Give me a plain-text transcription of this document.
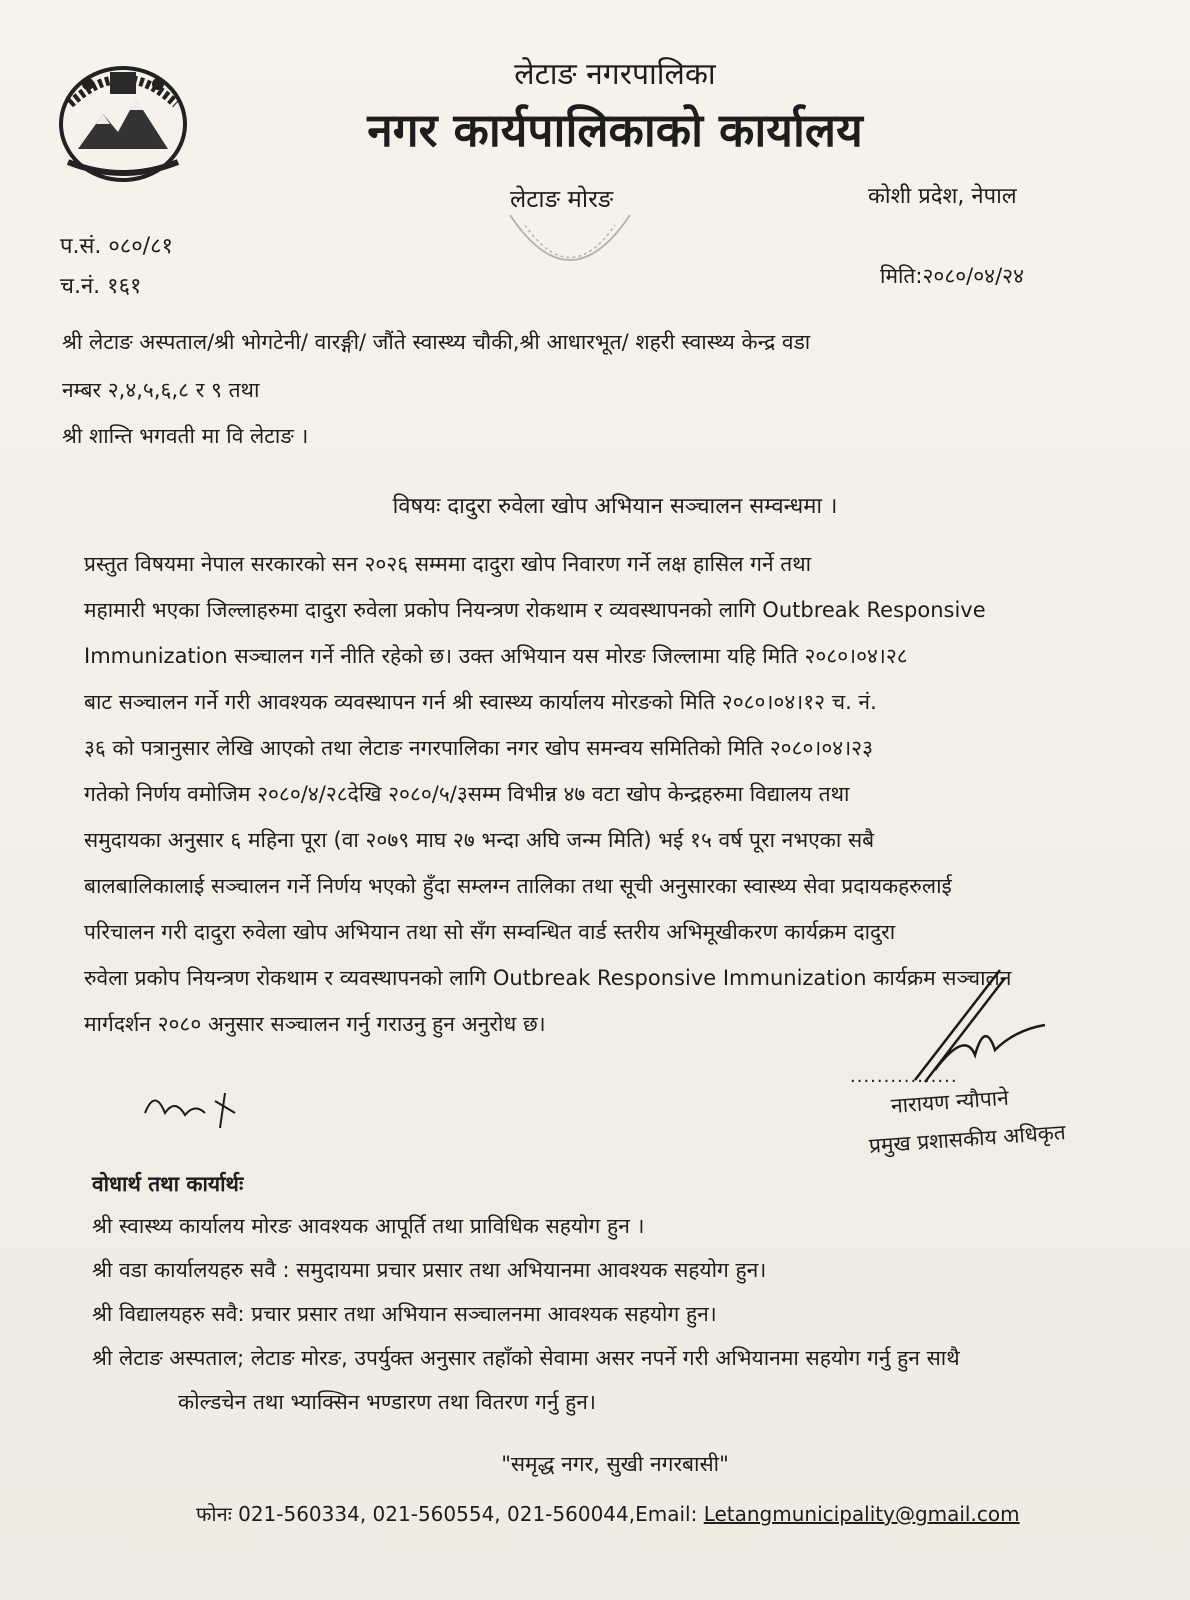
लेटाङ नगरपालिका
नगर कार्यपालिकाको कार्यालय
लेटाङ मोरङ	कोशी प्रदेश, नेपाल
प.सं. ०८०/८१
च.नं. १६१	मिति:२०८०/०४/२४
श्री लेटाङ अस्पताल/श्री भोगटेनी/ वारङ्गी/ जौंते स्वास्थ्य चौकी,श्री आधारभूत/ शहरी स्वास्थ्य केन्द्र वडा
नम्बर २,४,५,६,८ र ९ तथा
श्री शान्ति भगवती मा वि लेटाङ ।
विषयः दादुरा रुवेला खोप अभियान सञ्चालन सम्वन्धमा ।
प्रस्तुत विषयमा नेपाल सरकारको सन २०२६ सम्ममा दादुरा खोप निवारण गर्ने लक्ष हासिल गर्ने तथा
महामारी भएका जिल्लाहरुमा दादुरा रुवेला प्रकोप नियन्त्रण रोकथाम र व्यवस्थापनको लागि Outbreak Responsive
Immunization सञ्चालन गर्ने नीति रहेको छ। उक्त अभियान यस मोरङ जिल्लामा यहि मिति २०८०।०४।२८
बाट सञ्चालन गर्ने गरी आवश्यक व्यवस्थापन गर्न श्री स्वास्थ्य कार्यालय मोरङको मिति २०८०।०४।१२ च. नं.
३६ को पत्रानुसार लेखि आएको तथा लेटाङ नगरपालिका नगर खोप समन्वय समितिको मिति २०८०।०४।२३
गतेको निर्णय वमोजिम २०८०/४/२८देखि २०८०/५/३सम्म विभीन्न ४७ वटा खोप केन्द्रहरुमा विद्यालय तथा
समुदायका अनुसार ६ महिना पूरा (वा २०७९ माघ २७ भन्दा अघि जन्म मिति) भई १५ वर्ष पूरा नभएका सबै
बालबालिकालाई सञ्चालन गर्ने निर्णय भएको हुँदा सम्लग्न तालिका तथा सूची अनुसारका स्वास्थ्य सेवा प्रदायकहरुलाई
परिचालन गरी दादुरा रुवेला खोप अभियान तथा सो सँग सम्वन्धित वार्ड स्तरीय अभिमूखीकरण कार्यक्रम दादुरा
रुवेला प्रकोप नियन्त्रण रोकथाम र व्यवस्थापनको लागि Outbreak Responsive Immunization कार्यक्रम सञ्चालन
मार्गदर्शन २०८० अनुसार सञ्चालन गर्नु गराउनु हुन अनुरोध छ।
................
नारायण न्यौपाने
प्रमुख प्रशासकीय अधिकृत
वोधार्थ तथा कार्यार्थः
श्री स्वास्थ्य कार्यालय मोरङ आवश्यक आपूर्ति तथा प्राविधिक सहयोग हुन ।
श्री वडा कार्यालयहरु सवै : समुदायमा प्रचार प्रसार तथा अभियानमा आवश्यक सहयोग हुन।
श्री विद्यालयहरु सवै: प्रचार प्रसार तथा अभियान सञ्चालनमा आवश्यक सहयोग हुन।
श्री लेटाङ अस्पताल; लेटाङ मोरङ, उपर्युक्त अनुसार तहाँको सेवामा असर नपर्ने गरी अभियानमा सहयोग गर्नु हुन साथै
कोल्डचेन तथा भ्याक्सिन भण्डारण तथा वितरण गर्नु हुन।
"समृद्ध नगर, सुखी नगरबासी"
फोनः 021-560334, 021-560554, 021-560044,Email: Letangmunicipality@gmail.com
